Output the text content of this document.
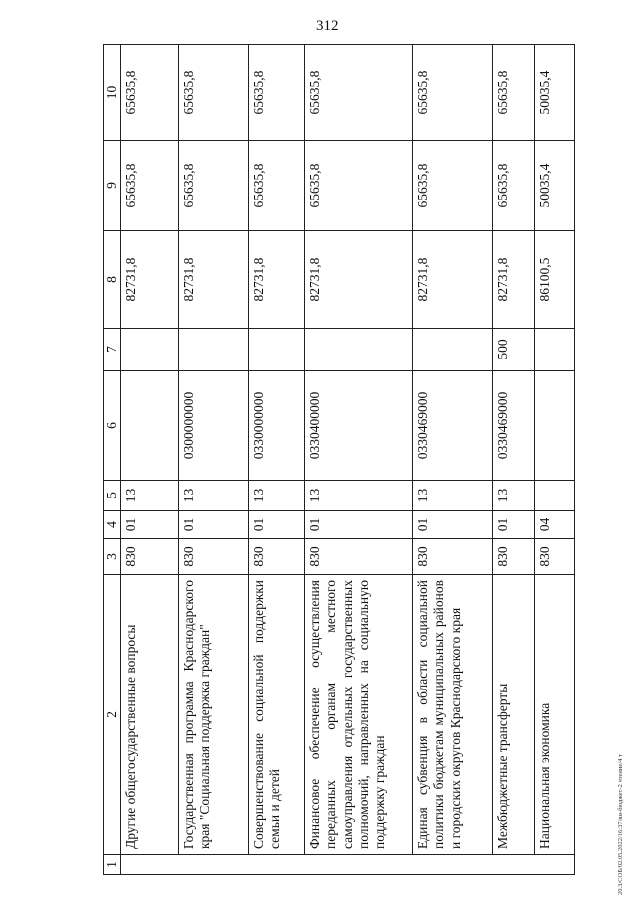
312
20.3/СОБ/02.05.2022/16:37/вн-бюджет-2 чтение/4 т
1	2	3	4	5	6	7	8	9	10
	Другие общегосударственные вопросы	830	01	13			82731,8	65635,8	65635,8
	Государственная программа Краснодарского края "Социальная поддержка граждан"	830	01	13	0300000000		82731,8	65635,8	65635,8
	Совершенствование социальной поддержки семьи и детей	830	01	13	0330000000		82731,8	65635,8	65635,8
	Финансовое обеспечение осуществления переданных органам местного самоуправления отдельных государственных полномочий, направленных на социальную поддержку граждан	830	01	13	0330400000		82731,8	65635,8	65635,8
	Единая субвенция в области социальной политики бюджетам муниципальных районов и городских округов Краснодарского края	830	01	13	0330469000		82731,8	65635,8	65635,8
	Межбюджетные трансферты	830	01	13	0330469000	500	82731,8	65635,8	65635,8
	Национальная экономика	830	04				86100,5	50035,4	50035,4
